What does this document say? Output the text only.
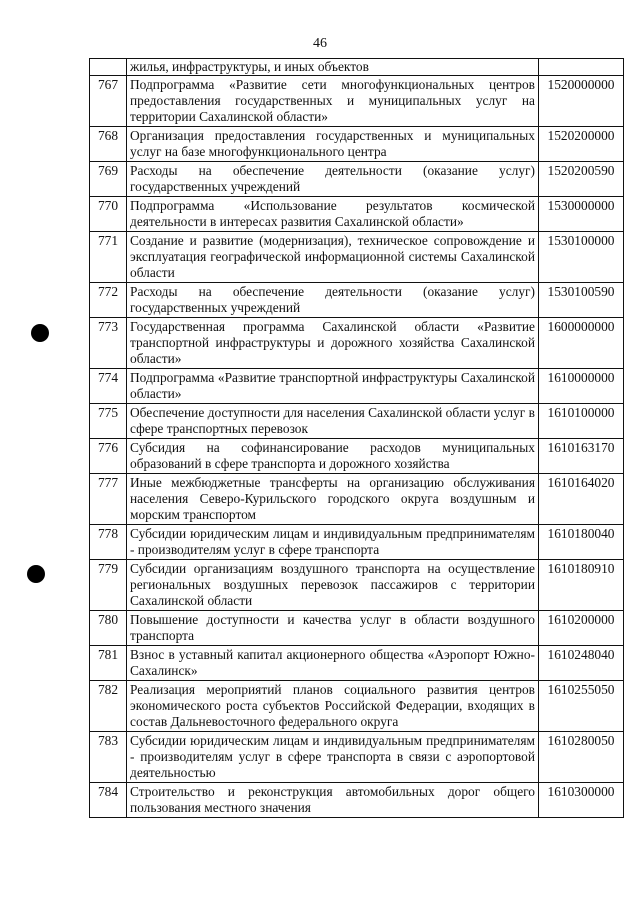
46
	жилья, инфраструктуры, и иных объектов	
767	Подпрограмма «Развитие сети многофункциональных центров предоставления государственных и муниципальных услуг на территории Сахалинской области»	1520000000
768	Организация предоставления государственных и муниципальных услуг на базе многофункционального центра	1520200000
769	Расходы на обеспечение деятельности (оказание услуг) государственных учреждений	1520200590
770	Подпрограмма «Использование результатов космической деятельности в интересах развития Сахалинской области»	1530000000
771	Создание и развитие (модернизация), техническое сопровождение и эксплуатация географической информационной системы Сахалинской области	1530100000
772	Расходы на обеспечение деятельности (оказание услуг) государственных учреждений	1530100590
773	Государственная программа Сахалинской области «Развитие транспортной инфраструктуры и дорожного хозяйства Сахалинской области»	1600000000
774	Подпрограмма «Развитие транспортной инфраструктуры Сахалинской области»	1610000000
775	Обеспечение доступности для населения Сахалинской области услуг в сфере транспортных перевозок	1610100000
776	Субсидия на софинансирование расходов муниципальных образований в сфере транспорта и дорожного хозяйства	1610163170
777	Иные межбюджетные трансферты на организацию обслуживания населения Северо-Курильского городского округа воздушным и морским транспортом	1610164020
778	Субсидии юридическим лицам и индивидуальным предпринимателям - производителям услуг в сфере транспорта	1610180040
779	Субсидии организациям воздушного транспорта на осуществление региональных воздушных перевозок пассажиров с территории Сахалинской области	1610180910
780	Повышение доступности и качества услуг в области воздушного транспорта	1610200000
781	Взнос в уставный капитал акционерного общества «Аэропорт Южно-Сахалинск»	1610248040
782	Реализация мероприятий планов социального развития центров экономического роста субъектов Российской Федерации, входящих в состав Дальневосточного федерального округа	1610255050
783	Субсидии юридическим лицам и индивидуальным предпринимателям - производителям услуг в сфере транспорта в связи с аэропортовой деятельностью	1610280050
784	Строительство и реконструкция автомобильных дорог общего пользования местного значения	1610300000
